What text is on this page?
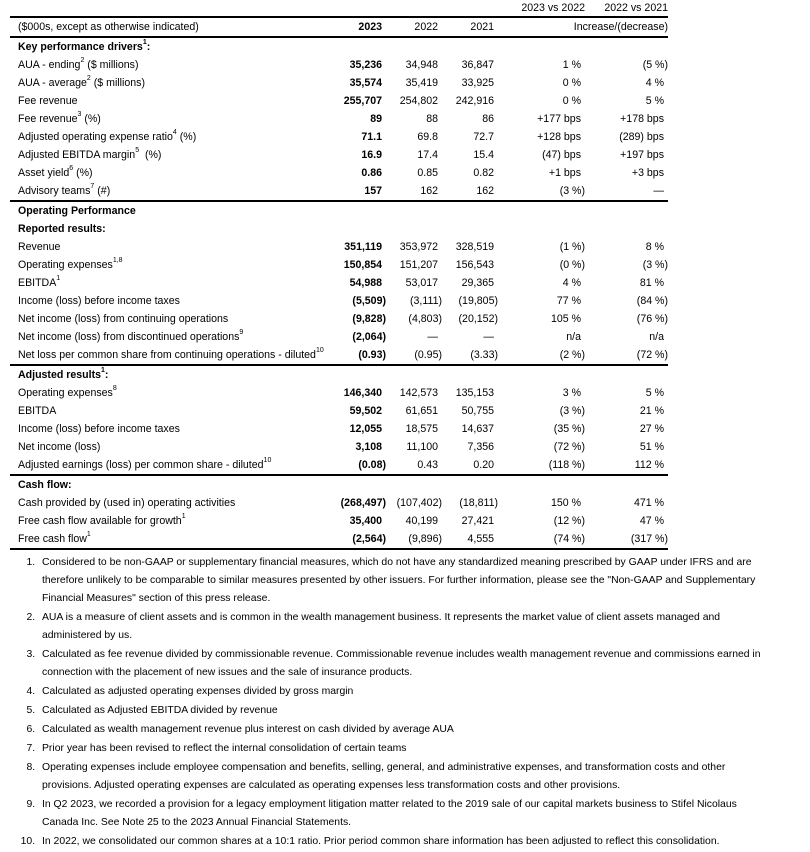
				2023 vs 2022	2022 vs 2021
($000s, except as otherwise indicated)	2023	2022	2021	Increase/(decrease)	
Key performance drivers$^1$:					
AUA - ending$^2$ ($ millions)	35,236	34,948	36,847	1 %	(5 %)
AUA - average$^2$ ($ millions)	35,574	35,419	33,925	0 %	4 %
Fee revenue	255,707	254,802	242,916	0 %	5 %
Fee revenue$^3$ (%)	89	88	86	+177 bps	+178 bps
Adjusted operating expense ratio$^4$ (%)	71.1	69.8	72.7	+128 bps	(289) bps
Adjusted EBITDA margin$^5$  (%)	16.9	17.4	15.4	(47) bps	+197 bps
Asset yield$^6$ (%)	0.86	0.85	0.82	+1 bps	+3 bps
Advisory teams$^7$ (#)	157	162	162	(3 %)	—
Operating Performance					
Reported results:					
Revenue	351,119	353,972	328,519	(1 %)	8 %
Operating expenses$^{1,8}$	150,854	151,207	156,543	(0 %)	(3 %)
EBITDA$^1$	54,988	53,017	29,365	4 %	81 %
Income (loss) before income taxes	(5,509)	(3,111)	(19,805)	77 %	(84 %)
Net income (loss) from continuing operations	(9,828)	(4,803)	(20,152)	105 %	(76 %)
Net income (loss) from discontinued operations$^9$	(2,064)	—	—	n/a	n/a
Net loss per common share from continuing operations - diluted$^{10}$	(0.93)	(0.95)	(3.33)	(2 %)	(72 %)
Adjusted results$^1$:					
Operating expenses$^8$	146,340	142,573	135,153	3 %	5 %
EBITDA	59,502	61,651	50,755	(3 %)	21 %
Income (loss) before income taxes	12,055	18,575	14,637	(35 %)	27 %
Net income (loss)	3,108	11,100	7,356	(72 %)	51 %
Adjusted earnings (loss) per common share - diluted$^{10}$	(0.08)	0.43	0.20	(118 %)	112 %
Cash flow:					
Cash provided by (used in) operating activities	(268,497)	(107,402)	(18,811)	150 %	471 %
Free cash flow available for growth$^1$	35,400	40,199	27,421	(12 %)	47 %
Free cash flow$^1$	(2,564)	(9,896)	4,555	(74 %)	(317 %)
1. Considered to be non-GAAP or supplementary financial measures, which do not have any standardized meaning prescribed by GAAP under IFRS and are therefore unlikely to be comparable to similar measures presented by other issuers. For further information, please see the "Non-GAAP and Supplementary Financial Measures" section of this press release.
2. AUA is a measure of client assets and is common in the wealth management business. It represents the market value of client assets managed and administered by us.
3. Calculated as fee revenue divided by commissionable revenue. Commissionable revenue includes wealth management revenue and commissions earned in connection with the placement of new issues and the sale of insurance products.
4. Calculated as adjusted operating expenses divided by gross margin
5. Calculated as Adjusted EBITDA divided by revenue
6. Calculated as wealth management revenue plus interest on cash divided by average AUA
7. Prior year has been revised to reflect the internal consolidation of certain teams
8. Operating expenses include employee compensation and benefits, selling, general, and administrative expenses, and transformation costs and other provisions. Adjusted operating expenses are calculated as operating expenses less transformation costs and other provisions.
9. In Q2 2023, we recorded a provision for a legacy employment litigation matter related to the 2019 sale of our capital markets business to Stifel Nicolaus Canada Inc. See Note 25 to the 2023 Annual Financial Statements.
10. In 2022, we consolidated our common shares at a 10:1 ratio. Prior period common share information has been adjusted to reflect this consolidation.
